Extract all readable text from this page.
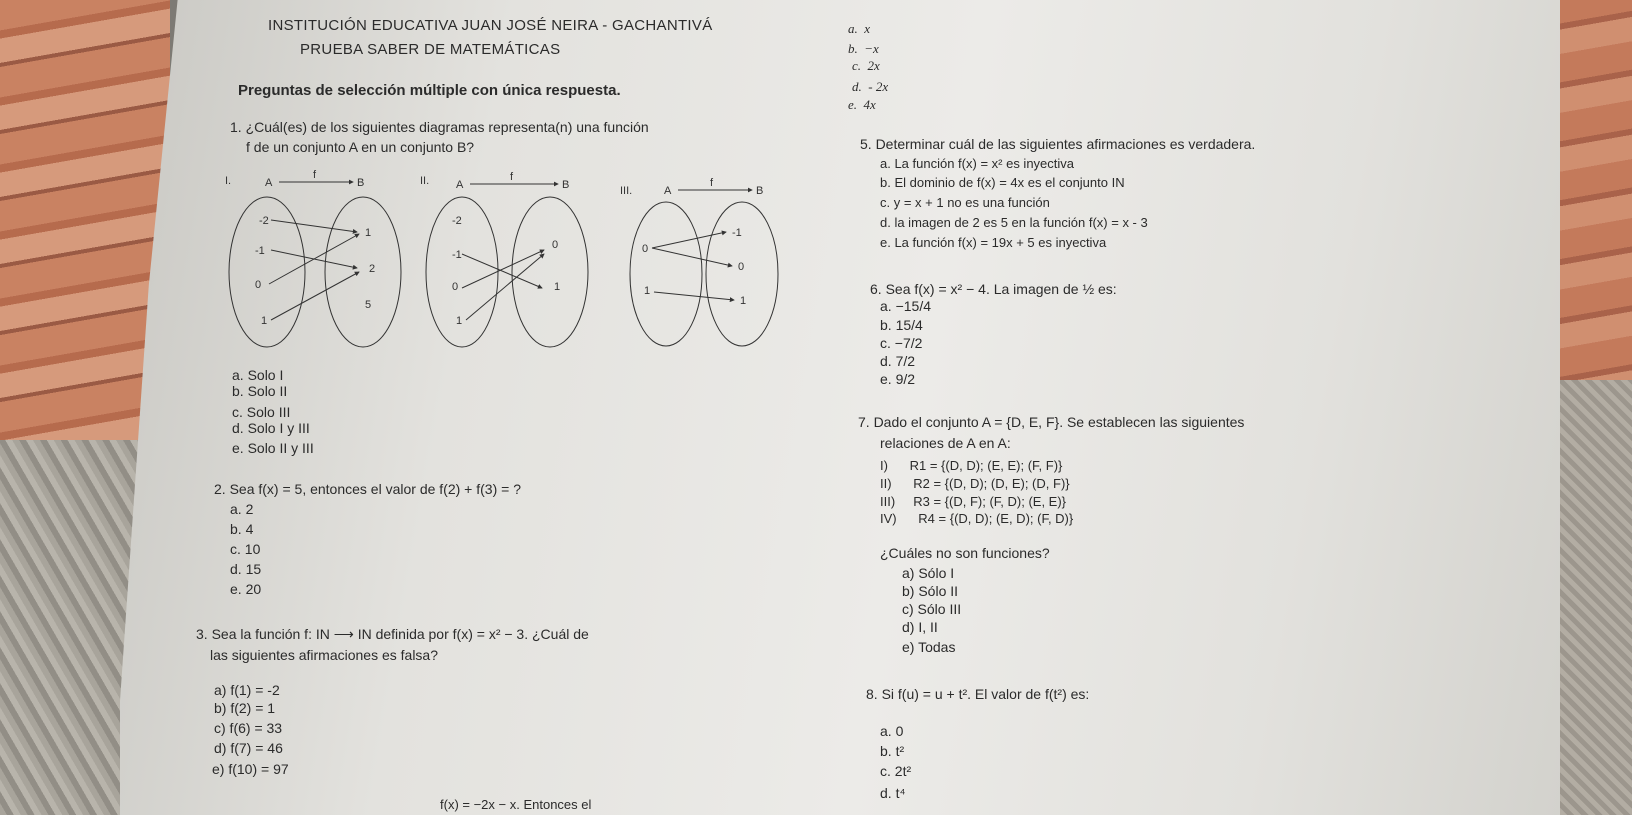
INSTITUCIÓN EDUCATIVA JUAN JOSÉ NEIRA - GACHANTIVÁ
PRUEBA SABER DE MATEMÁTICAS
Preguntas de selección múltiple con única respuesta.
a. x
b. −x
c. 2x
d. - 2x
e. 4x
1. ¿Cuál(es) de los siguientes diagramas representa(n) una función
f de un conjunto A en un conjunto B?
I.	A
f
B
-2
-1
0
1
1
2
5
II. A
f
B
-2
-1
0
1
0
1
III.	A
f
B
0
1
-1
0
1
a. Solo I
b. Solo II
c. Solo III
d. Solo I y III
e. Solo II y III
2. Sea f(x) = 5, entonces el valor de f(2) + f(3) = ?
a. 2
b. 4
c. 10
d. 15
e. 20
3. Sea la función f: IN ⟶ IN definida por f(x) = x² − 3. ¿Cuál de
las siguientes afirmaciones es falsa?
a) f(1) = -2
b) f(2) = 1
c) f(6) = 33
d) f(7) = 46
e) f(10) = 97
f(x) = −2x − x. Entonces el
5. Determinar cuál de las siguientes afirmaciones es verdadera.
a. La función f(x) = x² es inyectiva
b. El dominio de f(x) = 4x es el conjunto IN
c. y = x + 1 no es una función
d. la imagen de 2 es 5 en la función f(x) = x - 3
e. La función f(x) = 19x + 5 es inyectiva
6. Sea f(x) = x² − 4. La imagen de ½ es:
a. −15/4
b. 15/4
c. −7/2
d. 7/2
e. 9/2
7. Dado el conjunto A = {D, E, F}. Se establecen las siguientes
relaciones de A en A:
I) R1 = {(D, D); (E, E); (F, F)}
II) R2 = {(D, D); (D, E); (D, F)}
III) R3 = {(D, F); (F, D); (E, E)}
IV) R4 = {(D, D); (E, D); (F, D)}
¿Cuáles no son funciones?
a) Sólo I
b) Sólo II
c) Sólo III
d) I, II
e) Todas
8. Si f(u) = u + t². El valor de f(t²) es:
a. 0
b. t²
c. 2t²
d. t⁴
